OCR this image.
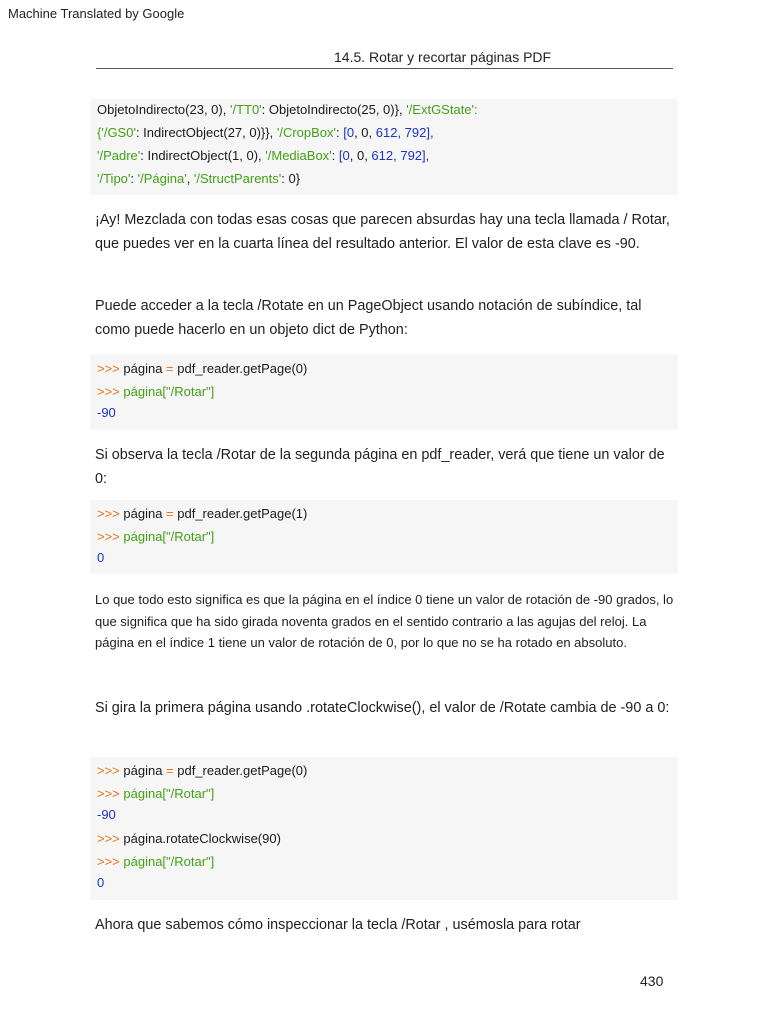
Machine Translated by Google
14.5. Rotar y recortar páginas PDF
ObjetoIndirecto(23, 0), '/TT0': ObjetoIndirecto(25, 0)}, '/ExtGState':
{'/GS0': IndirectObject(27, 0)}}, '/CropBox': [0, 0, 612, 792],
'/Padre': IndirectObject(1, 0), '/MediaBox': [0, 0, 612, 792],
'/Tipo': '/Página', '/StructParents': 0}
¡Ay! Mezclada con todas esas cosas que parecen absurdas hay una tecla llamada / Rotar, que puedes ver en la cuarta línea del resultado anterior. El valor de esta clave es -90.
Puede acceder a la tecla /Rotate en un PageObject usando notación de subíndice, tal como puede hacerlo en un objeto dict de Python:
>>> página = pdf_reader.getPage(0)
>>> página["/Rotar"]
-90
Si observa la tecla /Rotar de la segunda página en pdf_reader, verá que tiene un valor de 0:
>>> página = pdf_reader.getPage(1)
>>> página["/Rotar"]
0
Lo que todo esto significa es que la página en el índice 0 tiene un valor de rotación de -90 grados, lo que significa que ha sido girada noventa grados en el sentido contrario a las agujas del reloj. La página en el índice 1 tiene un valor de rotación de 0, por lo que no se ha rotado en absoluto.
Si gira la primera página usando .rotateClockwise(), el valor de /Rotate cambia de -90 a 0:
>>> página = pdf_reader.getPage(0)
>>> página["/Rotar"]
-90
>>> página.rotateClockwise(90)
>>> página["/Rotar"]
0
Ahora que sabemos cómo inspeccionar la tecla /Rotar , usémosla para rotar
430
